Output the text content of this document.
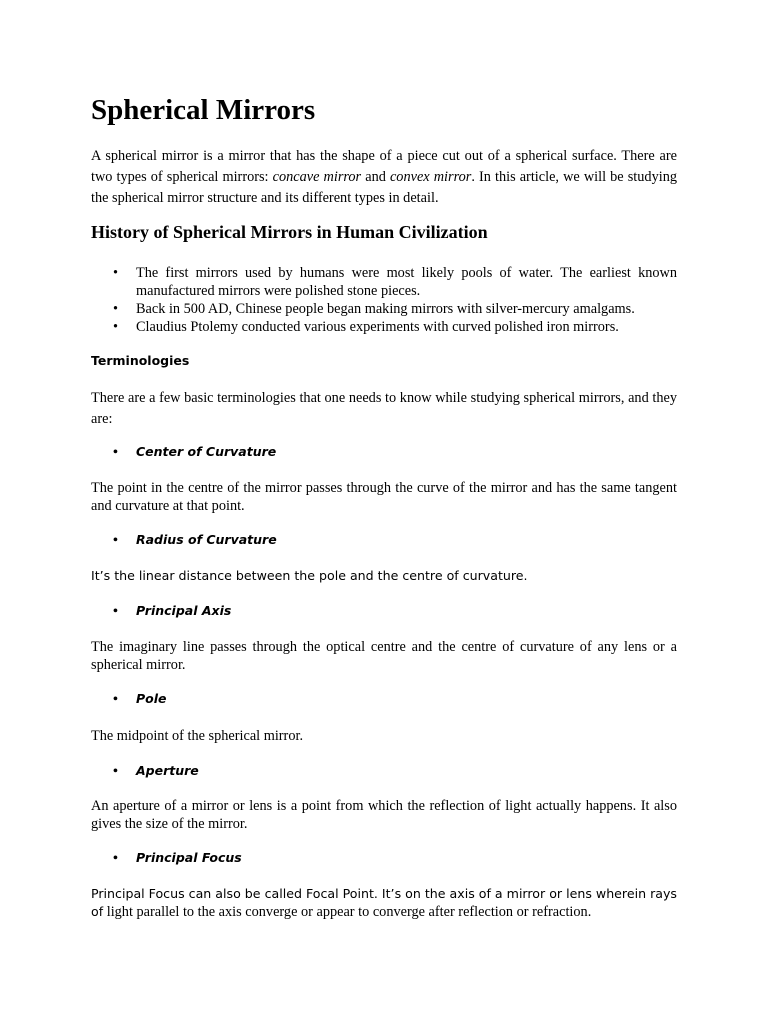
Spherical Mirrors

A spherical mirror is a mirror that has the shape of a piece cut out of a spherical surface. There are two types of spherical mirrors: concave mirror and convex mirror. In this article, we will be studying the spherical mirror structure and its different types in detail.

History of Spherical Mirrors in Human Civilization
• The first mirrors used by humans were most likely pools of water. The earliest known manufactured mirrors were polished stone pieces.
• Back in 500 AD, Chinese people began making mirrors with silver-mercury amalgams.
• Claudius Ptolemy conducted various experiments with curved polished iron mirrors.
Terminologies

There are a few basic terminologies that one needs to know while studying spherical mirrors, and they are:

• Center of Curvature

The point in the centre of the mirror passes through the curve of the mirror and has the same tangent and curvature at that point.

• Radius of Curvature

It’s the linear distance between the pole and the centre of curvature.

• Principal Axis

The imaginary line passes through the optical centre and the centre of curvature of any lens or a spherical mirror.

• Pole

The midpoint of the spherical mirror.

• Aperture

An aperture of a mirror or lens is a point from which the reflection of light actually happens. It also gives the size of the mirror.

• Principal Focus

Principal Focus can also be called Focal Point. It’s on the axis of a mirror or lens wherein rays of light parallel to the axis converge or appear to converge after reflection or refraction.
